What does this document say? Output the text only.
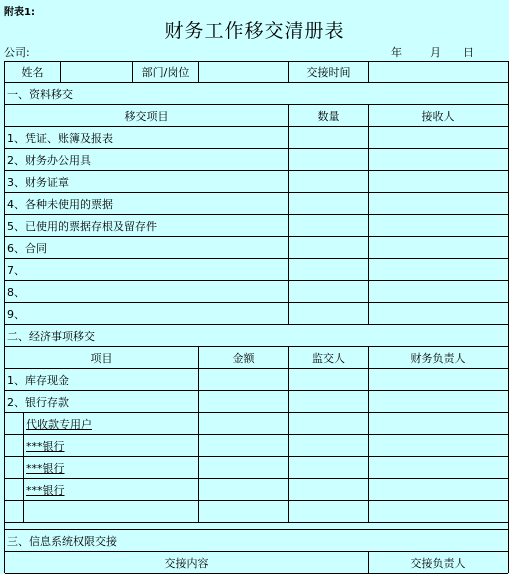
附表1:
财务工作移交清册表
公司:	年	月 日
姓名	部门/岗位	交接时间
一、资料移交
移交项目	数量	接收人
1、凭证、账簿及报表
2、财务办公用具
3、财务证章
4、各种未使用的票据
5、已使用的票据存根及留存件
6、合同
7、
8、
9、
二、经济事项移交
项目	金额	监交人	财务负责人
1、库存现金
2、银行存款
代收款专用户
***银行
***银行
***银行
三、信息系统权限交接
交接内容	交接负责人
